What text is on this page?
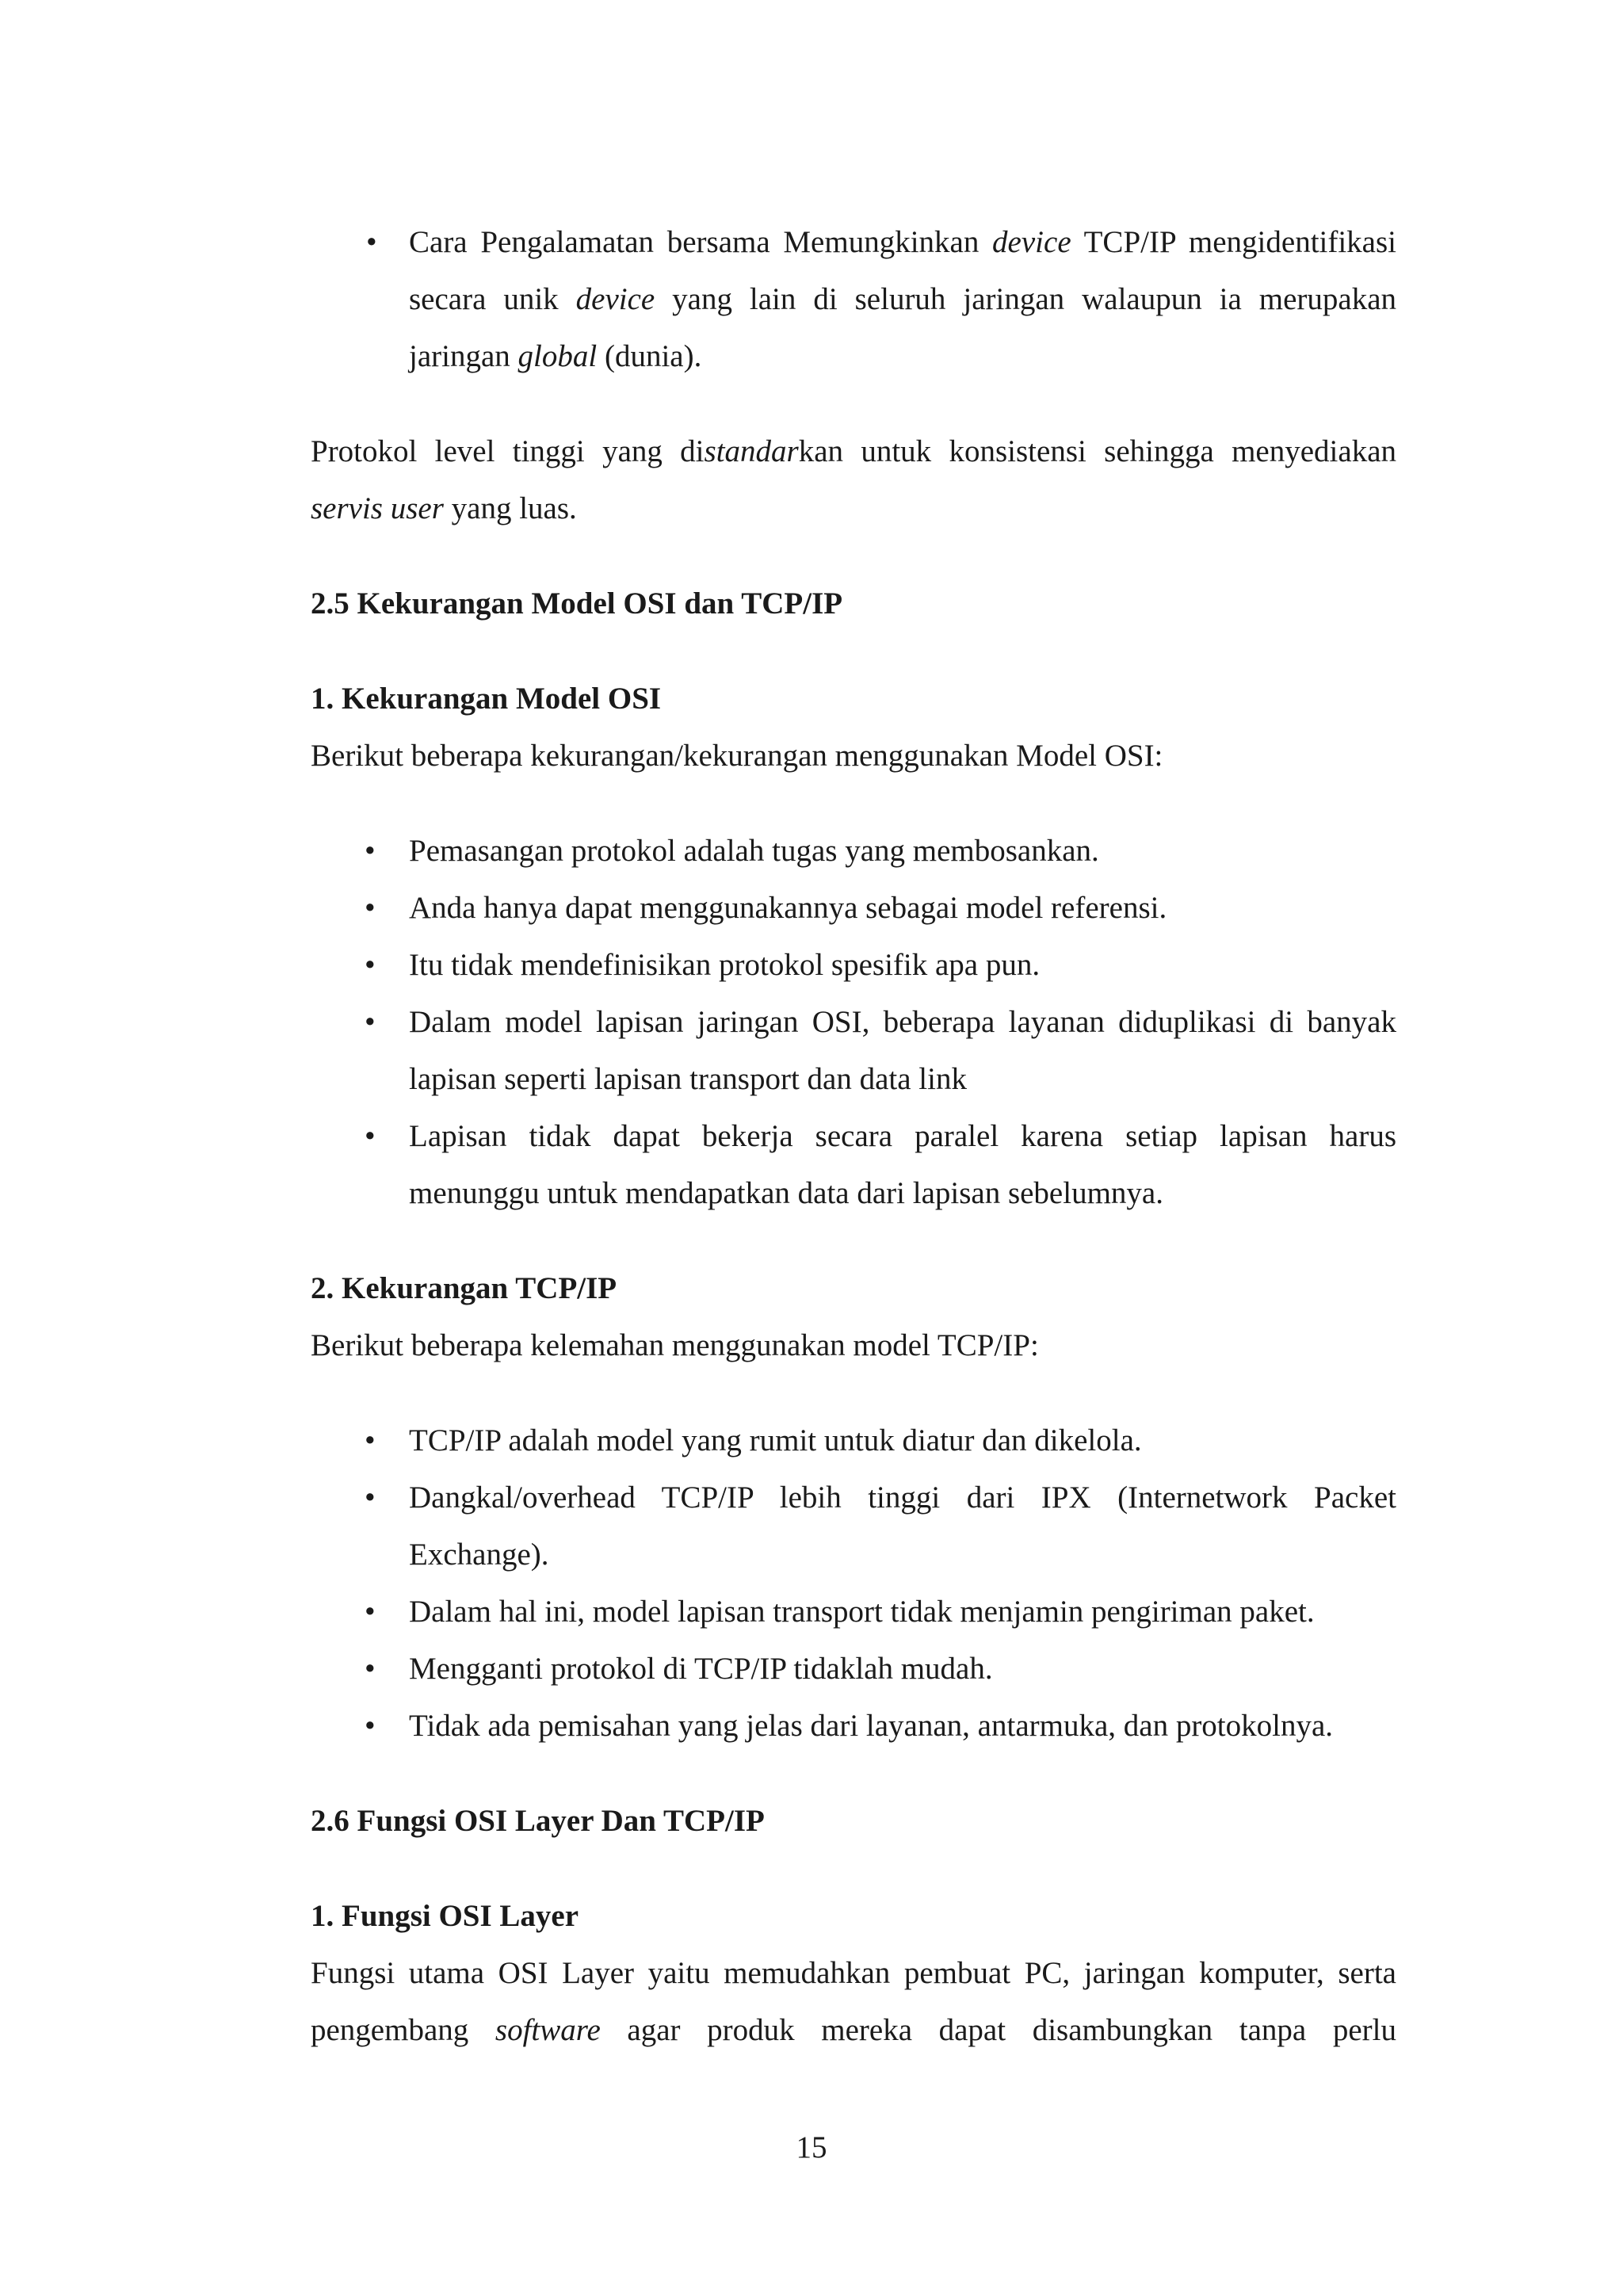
• Cara Pengalamatan bersama Memungkinkan device TCP/IP mengidentifikasi secara unik device yang lain di seluruh jaringan walaupun ia merupakan jaringan global (dunia).

Protokol level tinggi yang distandarkan untuk konsistensi sehingga menyediakan servis user yang luas.

2.5 Kekurangan Model OSI dan TCP/IP
1. Kekurangan Model OSI

Berikut beberapa kekurangan/kekurangan menggunakan Model OSI:

• Pemasangan protokol adalah tugas yang membosankan.
• Anda hanya dapat menggunakannya sebagai model referensi.
• Itu tidak mendefinisikan protokol spesifik apa pun.
• Dalam model lapisan jaringan OSI, beberapa layanan diduplikasi di banyak lapisan seperti lapisan transport dan data link
• Lapisan tidak dapat bekerja secara paralel karena setiap lapisan harus menunggu untuk mendapatkan data dari lapisan sebelumnya.
2. Kekurangan TCP/IP

Berikut beberapa kelemahan menggunakan model TCP/IP:

• TCP/IP adalah model yang rumit untuk diatur dan dikelola.
• Dangkal/overhead TCP/IP lebih tinggi dari IPX (Internetwork Packet Exchange).
• Dalam hal ini, model lapisan transport tidak menjamin pengiriman paket.
• Mengganti protokol di TCP/IP tidaklah mudah.
• Tidak ada pemisahan yang jelas dari layanan, antarmuka, dan protokolnya.
2.6 Fungsi OSI Layer Dan TCP/IP
1. Fungsi OSI Layer

Fungsi utama OSI Layer yaitu memudahkan pembuat PC, jaringan komputer, serta

pengembang software agar produk mereka dapat disambungkan tanpa perlu

15
